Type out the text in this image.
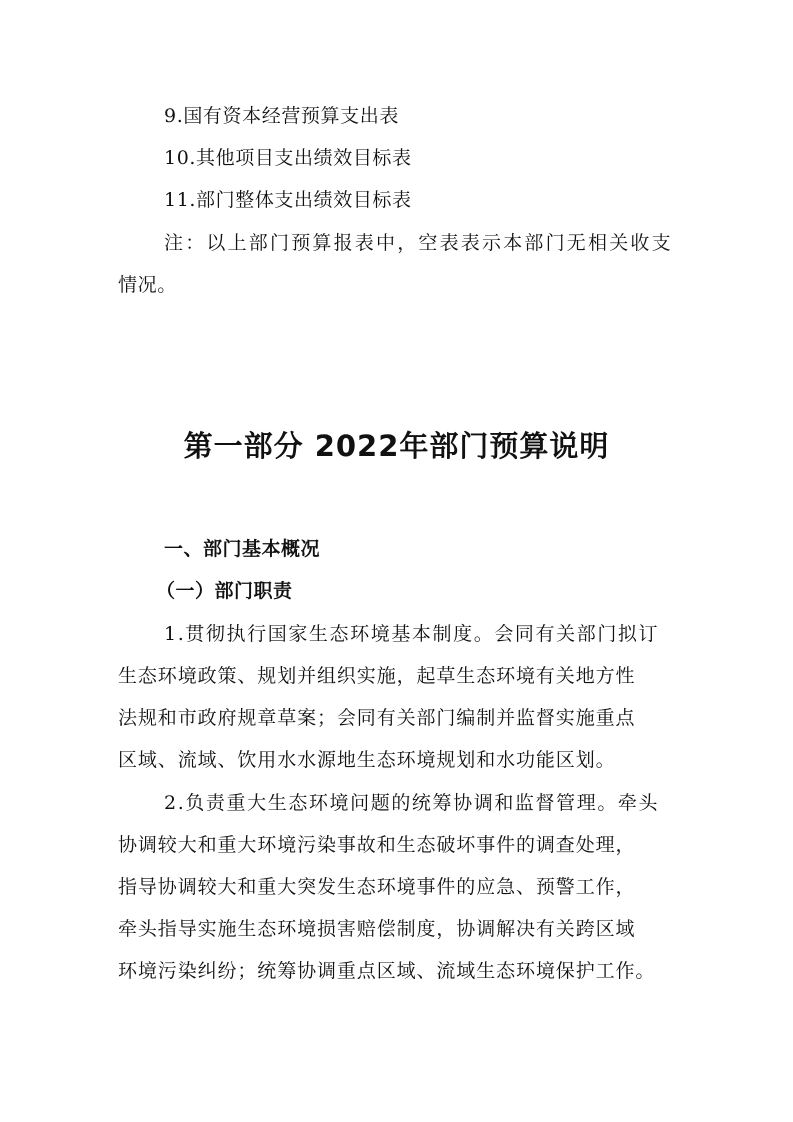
9.国有资本经营预算支出表
10.其他项目支出绩效目标表
11.部门整体支出绩效目标表
注：以上部门预算报表中，空表表示本部门无相关收支
情况。
第一部分 2022年部门预算说明
一、部门基本概况
（一）部门职责
1.贯彻执行国家生态环境基本制度。会同有关部门拟订
生态环境政策、规划并组织实施，起草生态环境有关地方性
法规和市政府规章草案；会同有关部门编制并监督实施重点
区域、流域、饮用水水源地生态环境规划和水功能区划。
2.负责重大生态环境问题的统筹协调和监督管理。牵头
协调较大和重大环境污染事故和生态破坏事件的调查处理，
指导协调较大和重大突发生态环境事件的应急、预警工作，
牵头指导实施生态环境损害赔偿制度，协调解决有关跨区域
环境污染纠纷；统筹协调重点区域、流域生态环境保护工作。
